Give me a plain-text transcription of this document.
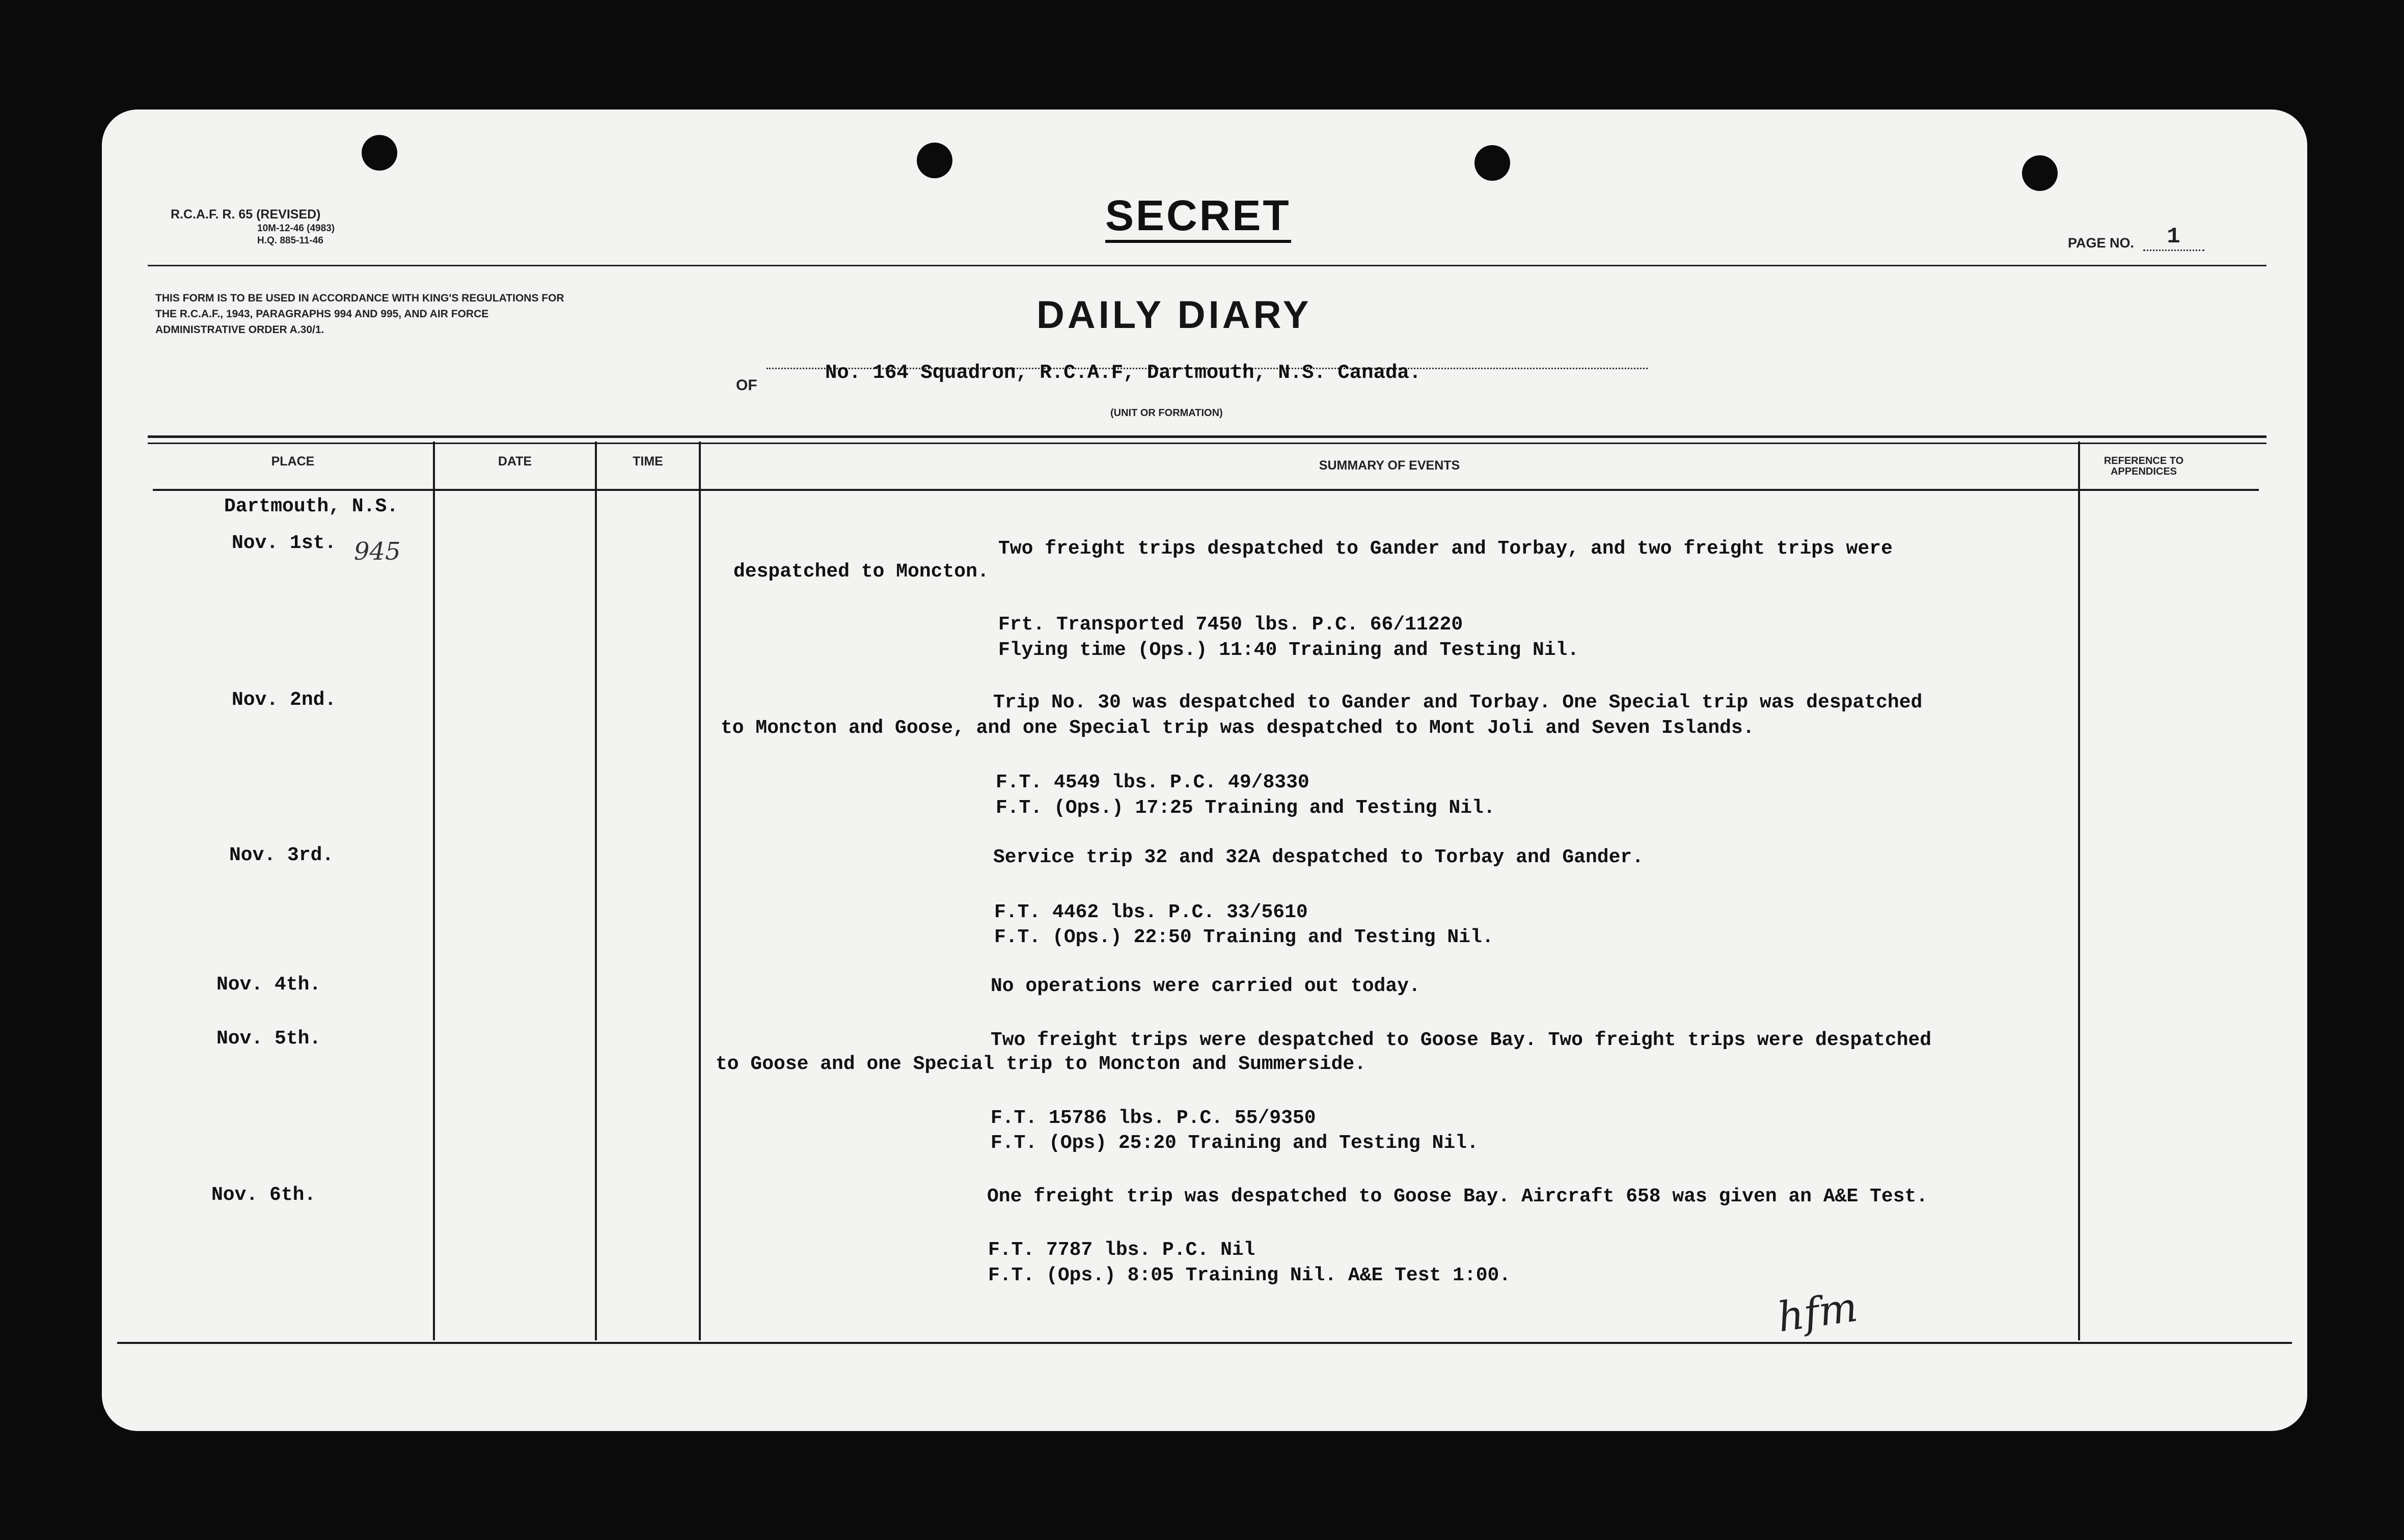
R.C.A.F. R. 65 (REVISED)
10M-12-46 (4983)
H.Q. 885-11-46
SECRET
PAGE NO. 1
THIS FORM IS TO BE USED IN ACCORDANCE WITH KING'S REGULATIONS FOR THE R.C.A.F., 1943, PARAGRAPHS 994 AND 995, AND AIR FORCE ADMINISTRATIVE ORDER A.30/1.	DAILY DIARY
OF
No. 164 Squadron, R.C.A.F, Dartmouth, N.S. Canada.
(UNIT OR FORMATION)
PLACE	DATE	TIME	SUMMARY OF EVENTS	REFERENCE TO
APPENDICES
Dartmouth, N.S.
945
Nov. 1st.	Two freight trips despatched to Gander and Torbay, and two freight trips were
despatched to Moncton.
Frt. Transported 7450 lbs. P.C. 66/11220
Flying time (Ops.) 11:40 Training and Testing Nil.
Nov. 2nd.	Trip No. 30 was despatched to Gander and Torbay. One Special trip was despatched
to Moncton and Goose, and one Special trip was despatched to Mont Joli and Seven Islands.
F.T. 4549 lbs. P.C. 49/8330
F.T. (Ops.) 17:25 Training and Testing Nil.
Nov. 3rd.	Service trip 32 and 32A despatched to Torbay and Gander.
F.T. 4462 lbs. P.C. 33/5610
F.T. (Ops.) 22:50 Training and Testing Nil.
Nov. 4th.	No operations were carried out today.
Nov. 5th.	Two freight trips were despatched to Goose Bay. Two freight trips were despatched
to Goose and one Special trip to Moncton and Summerside.
F.T. 15786 lbs. P.C. 55/9350
F.T. (Ops) 25:20 Training and Testing Nil.
Nov. 6th.	One freight trip was despatched to Goose Bay. Aircraft 658 was given an A&E Test.
F.T. 7787 lbs. P.C. Nil
F.T. (Ops.) 8:05 Training Nil. A&E Test 1:00.
hfm
